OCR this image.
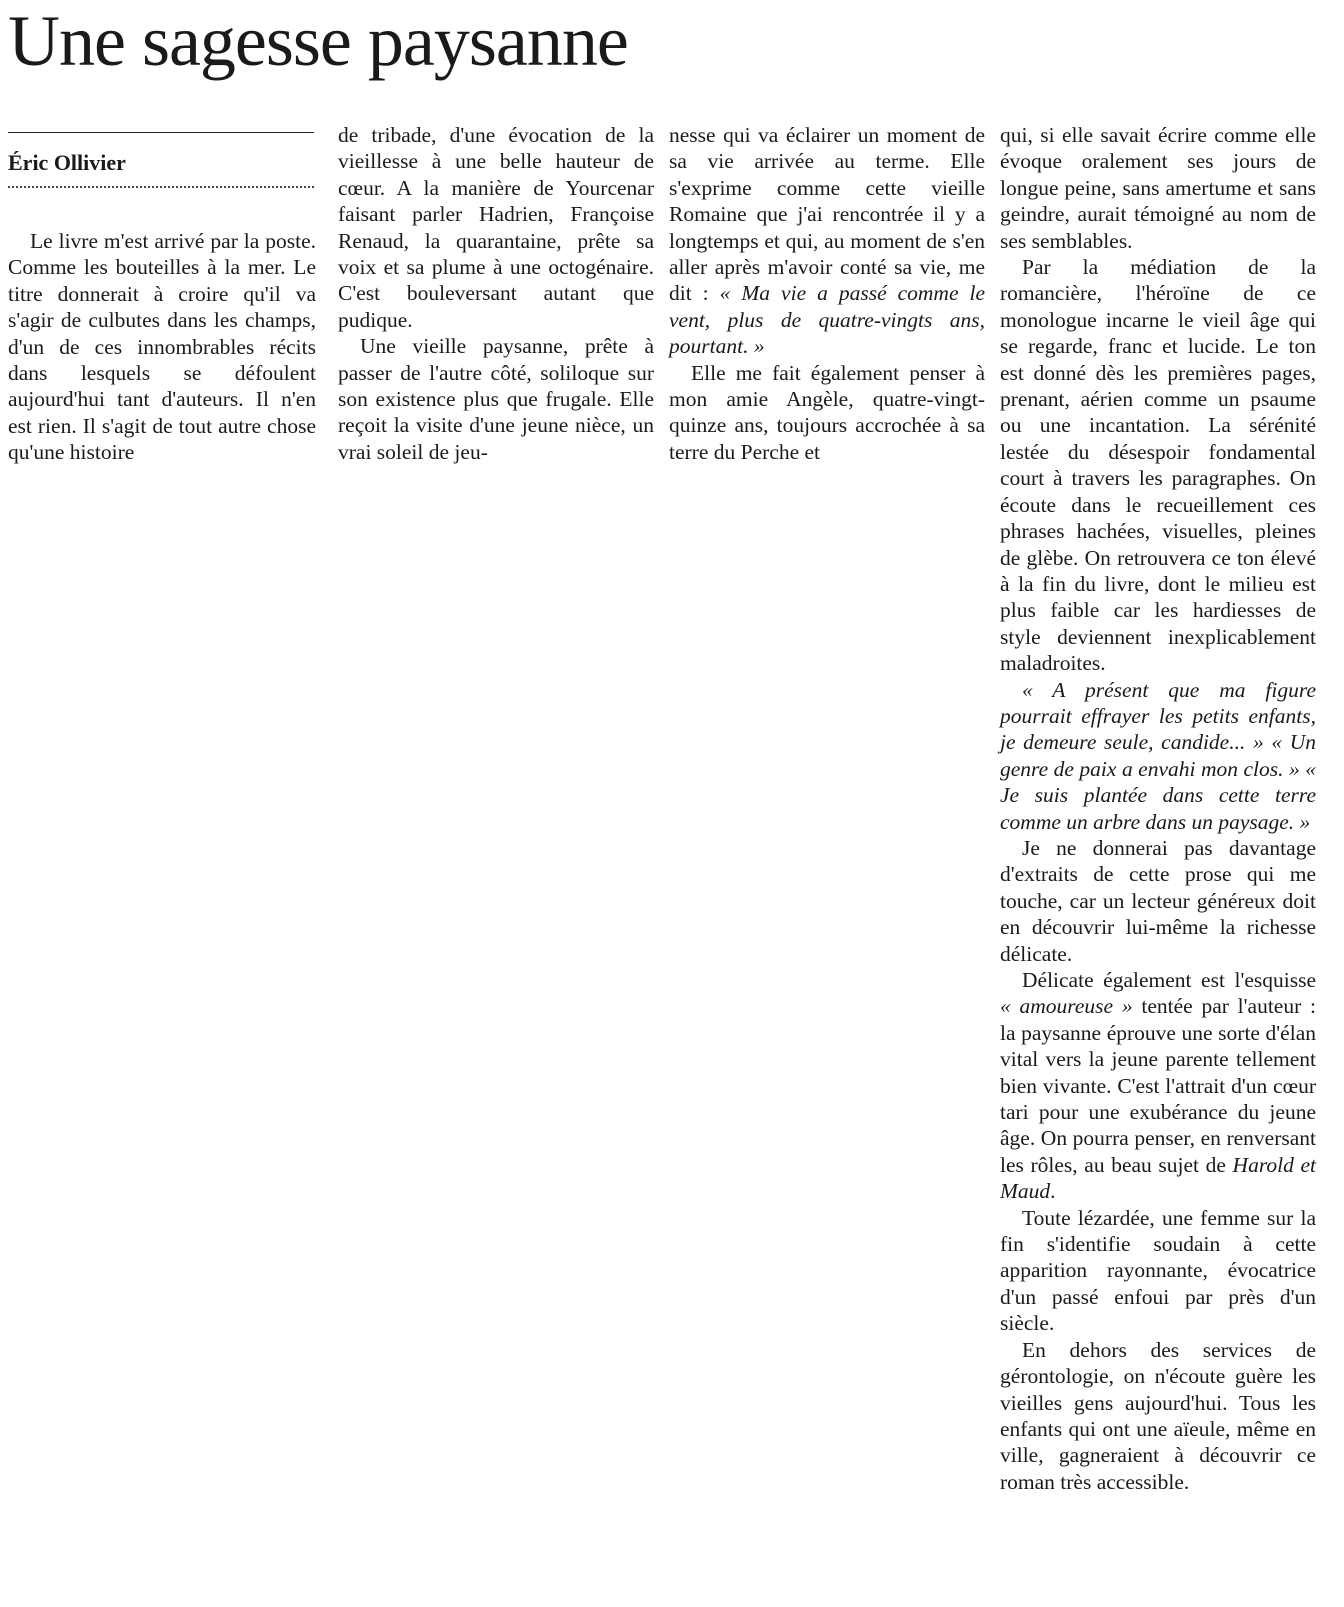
Une sagesse paysanne
Éric Ollivier

Le livre m'est arrivé par la poste. Comme les bouteilles à la mer. Le titre donnerait à croire qu'il va s'agir de culbutes dans les champs, d'un de ces innombrables récits dans lesquels se défoulent aujourd'hui tant d'auteurs. Il n'en est rien. Il s'agit de tout autre chose qu'une histoire

de tribade, d'une évocation de la vieillesse à une belle hauteur de cœur. A la manière de Yourcenar faisant parler Hadrien, Françoise Renaud, la quarantaine, prête sa voix et sa plume à une octogénaire. C'est bouleversant autant que pudique.

Une vieille paysanne, prête à passer de l'autre côté, soliloque sur son existence plus que frugale. Elle reçoit la visite d'une jeune nièce, un vrai soleil de jeu-

nesse qui va éclairer un moment de sa vie arrivée au terme. Elle s'exprime comme cette vieille Romaine que j'ai rencontrée il y a longtemps et qui, au moment de s'en aller après m'avoir conté sa vie, me dit : « Ma vie a passé comme le vent, plus de quatre-vingts ans, pourtant. »

Elle me fait également penser à mon amie Angèle, quatre-vingt-quinze ans, toujours accrochée à sa terre du Perche et

qui, si elle savait écrire comme elle évoque oralement ses jours de longue peine, sans amertume et sans geindre, aurait témoigné au nom de ses semblables.

Par la médiation de la romancière, l'héroïne de ce monologue incarne le vieil âge qui se regarde, franc et lucide. Le ton est donné dès les premières pages, prenant, aérien comme un psaume ou une incantation. La sérénité lestée du désespoir fondamental court à travers les paragraphes. On écoute dans le recueillement ces phrases hachées, visuelles, pleines de glèbe. On retrouvera ce ton élevé à la fin du livre, dont le milieu est plus faible car les hardiesses de style deviennent inexplicablement maladroites.

« A présent que ma figure pourrait effrayer les petits enfants, je demeure seule, candide... » « Un genre de paix a envahi mon clos. » « Je suis plantée dans cette terre comme un arbre dans un paysage. »

Je ne donnerai pas davantage d'extraits de cette prose qui me touche, car un lecteur généreux doit en découvrir lui-même la richesse délicate.

Délicate également est l'esquisse « amoureuse » tentée par l'auteur : la paysanne éprouve une sorte d'élan vital vers la jeune parente tellement bien vivante. C'est l'attrait d'un cœur tari pour une exubérance du jeune âge. On pourra penser, en renversant les rôles, au beau sujet de Harold et Maud.

Toute lézardée, une femme sur la fin s'identifie soudain à cette apparition rayonnante, évocatrice d'un passé enfoui par près d'un siècle.

En dehors des services de gérontologie, on n'écoute guère les vieilles gens aujourd'hui. Tous les enfants qui ont une aïeule, même en ville, gagneraient à découvrir ce roman très accessible.
